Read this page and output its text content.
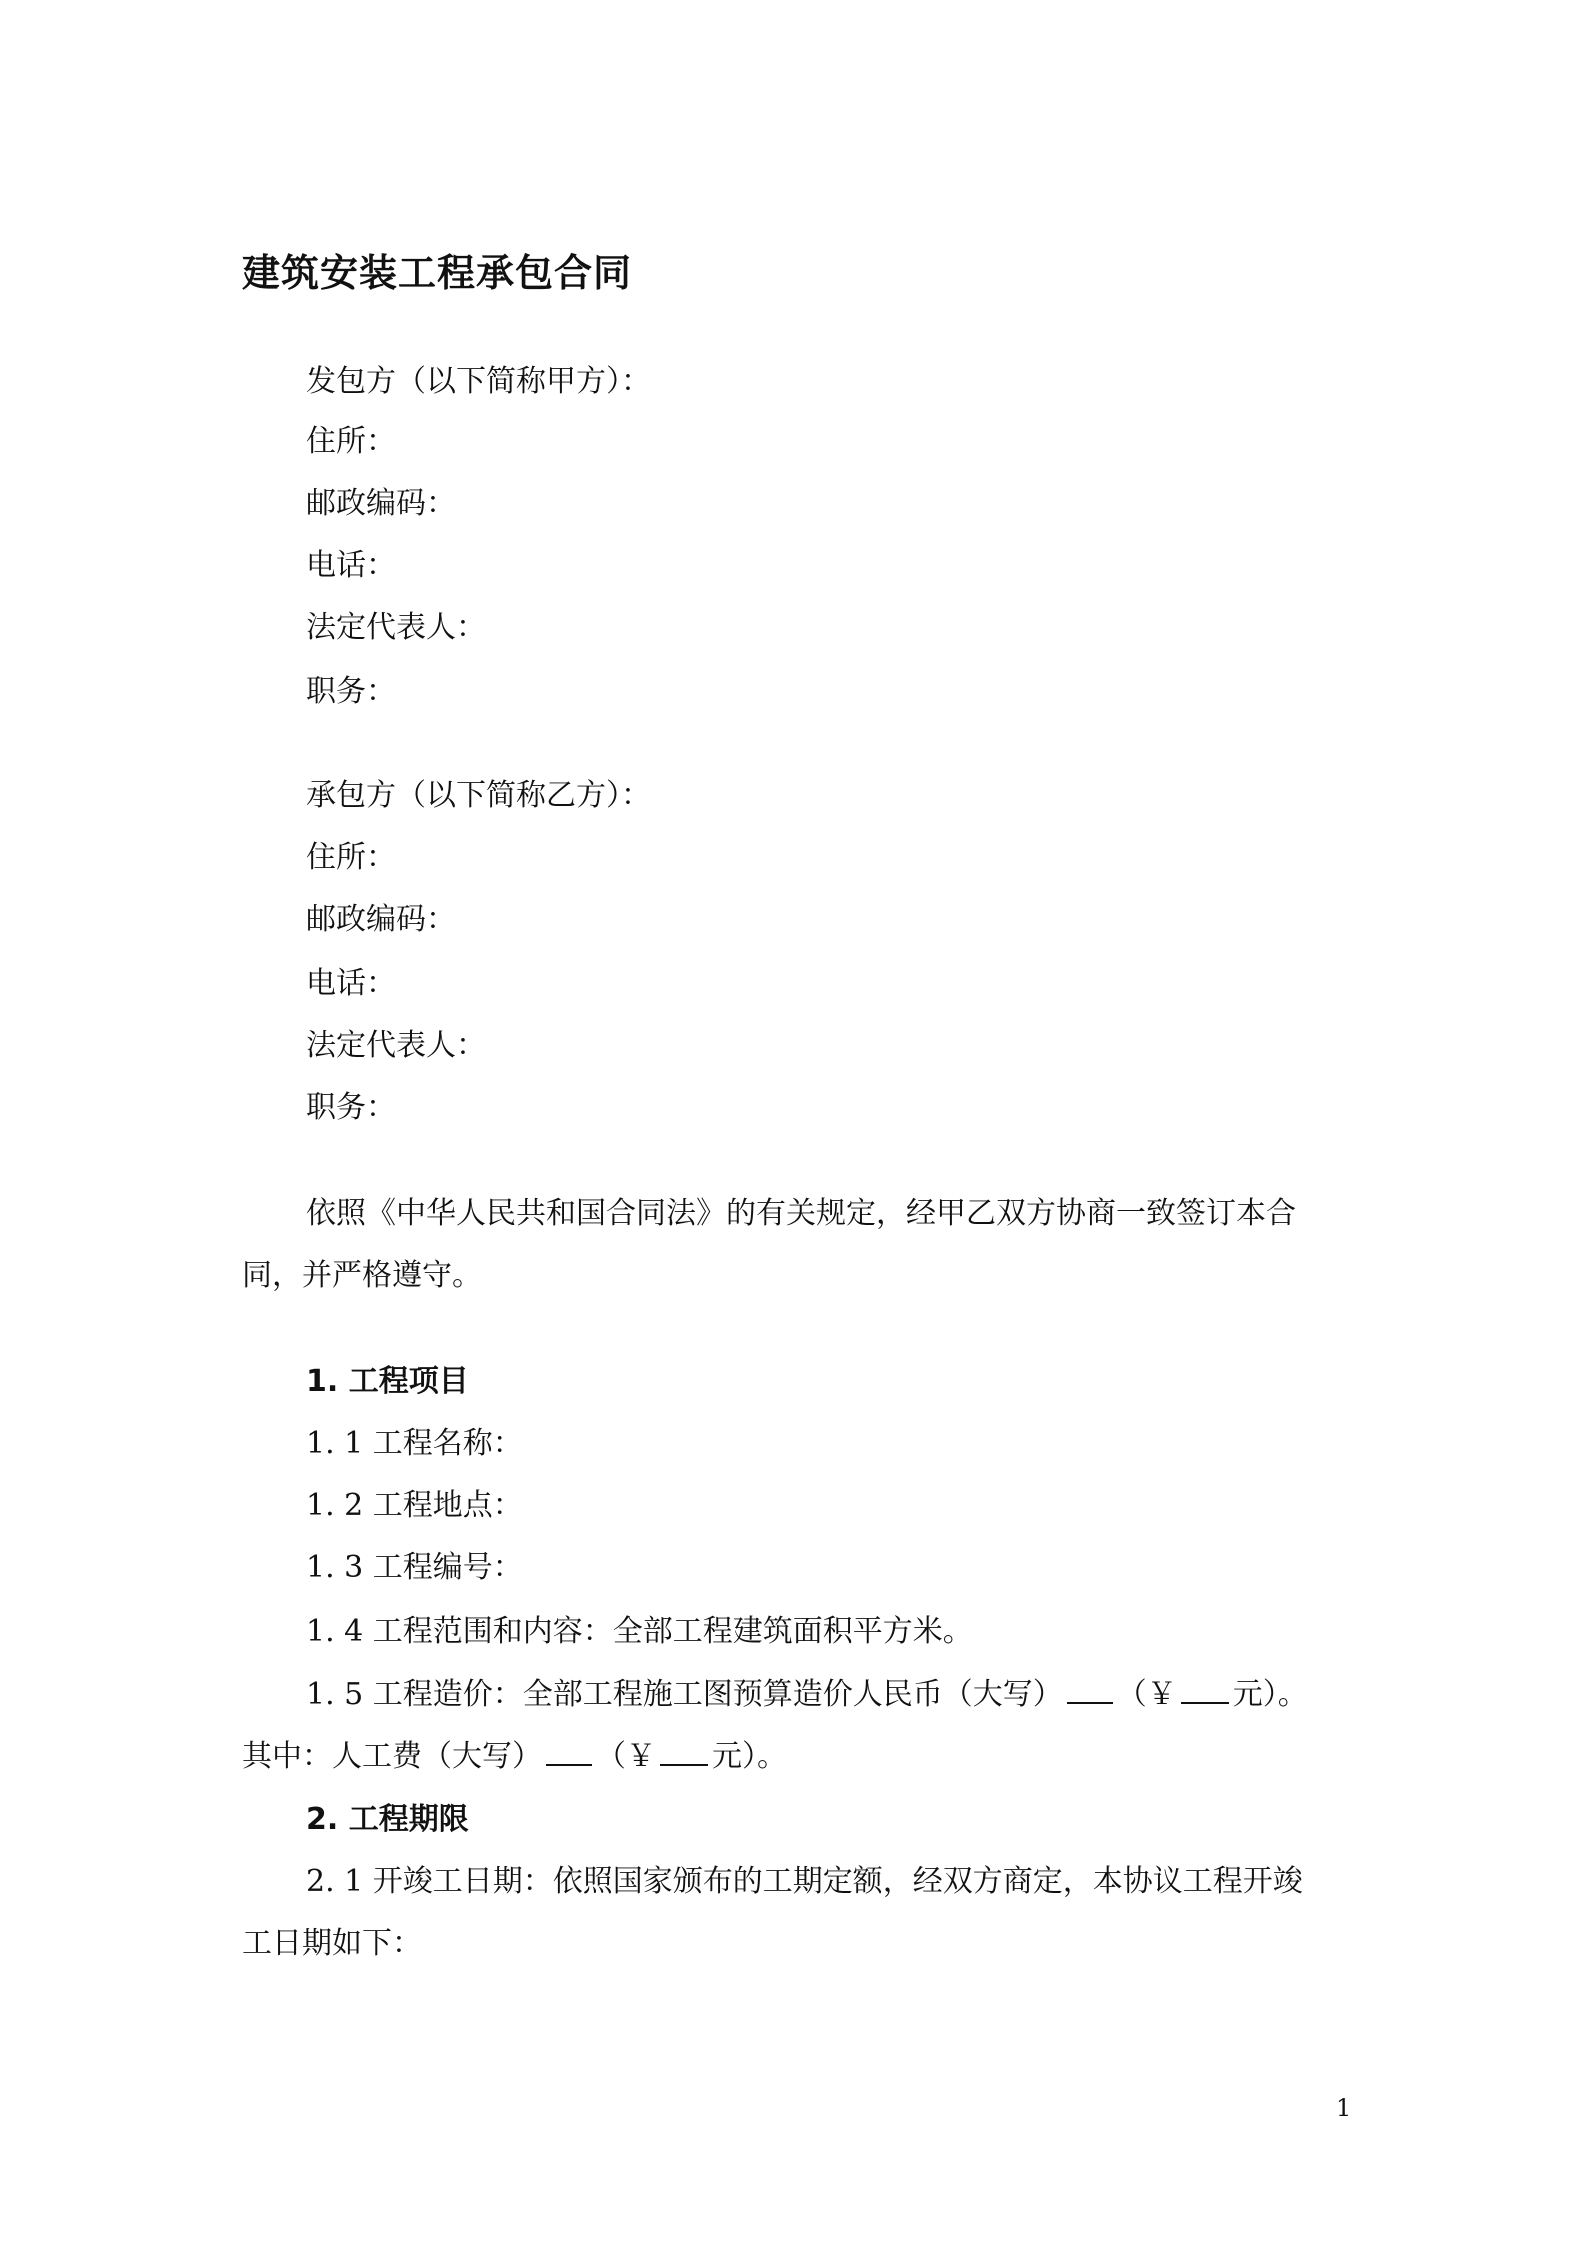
建筑安装工程承包合同
发包方（以下简称甲方）：
住所：
邮政编码：
电话：
法定代表人：
职务：
承包方（以下简称乙方）：
住所：
邮政编码：
电话：
法定代表人：
职务：
依照《中华人民共和国合同法》的有关规定，经甲乙双方协商一致签订本合
同，并严格遵守。
1. 工程项目
1. 1 工程名称：
1. 2 工程地点：
1. 3 工程编号：
1. 4 工程范围和内容：全部工程建筑面积平方米。
1. 5 工程造价：全部工程施工图预算造价人民币（大写） （￥ 元）。
其中：人工费（大写） （￥ 元）。
2. 工程期限
2. 1 开竣工日期：依照国家颁布的工期定额，经双方商定，本协议工程开竣
工日期如下：
1
